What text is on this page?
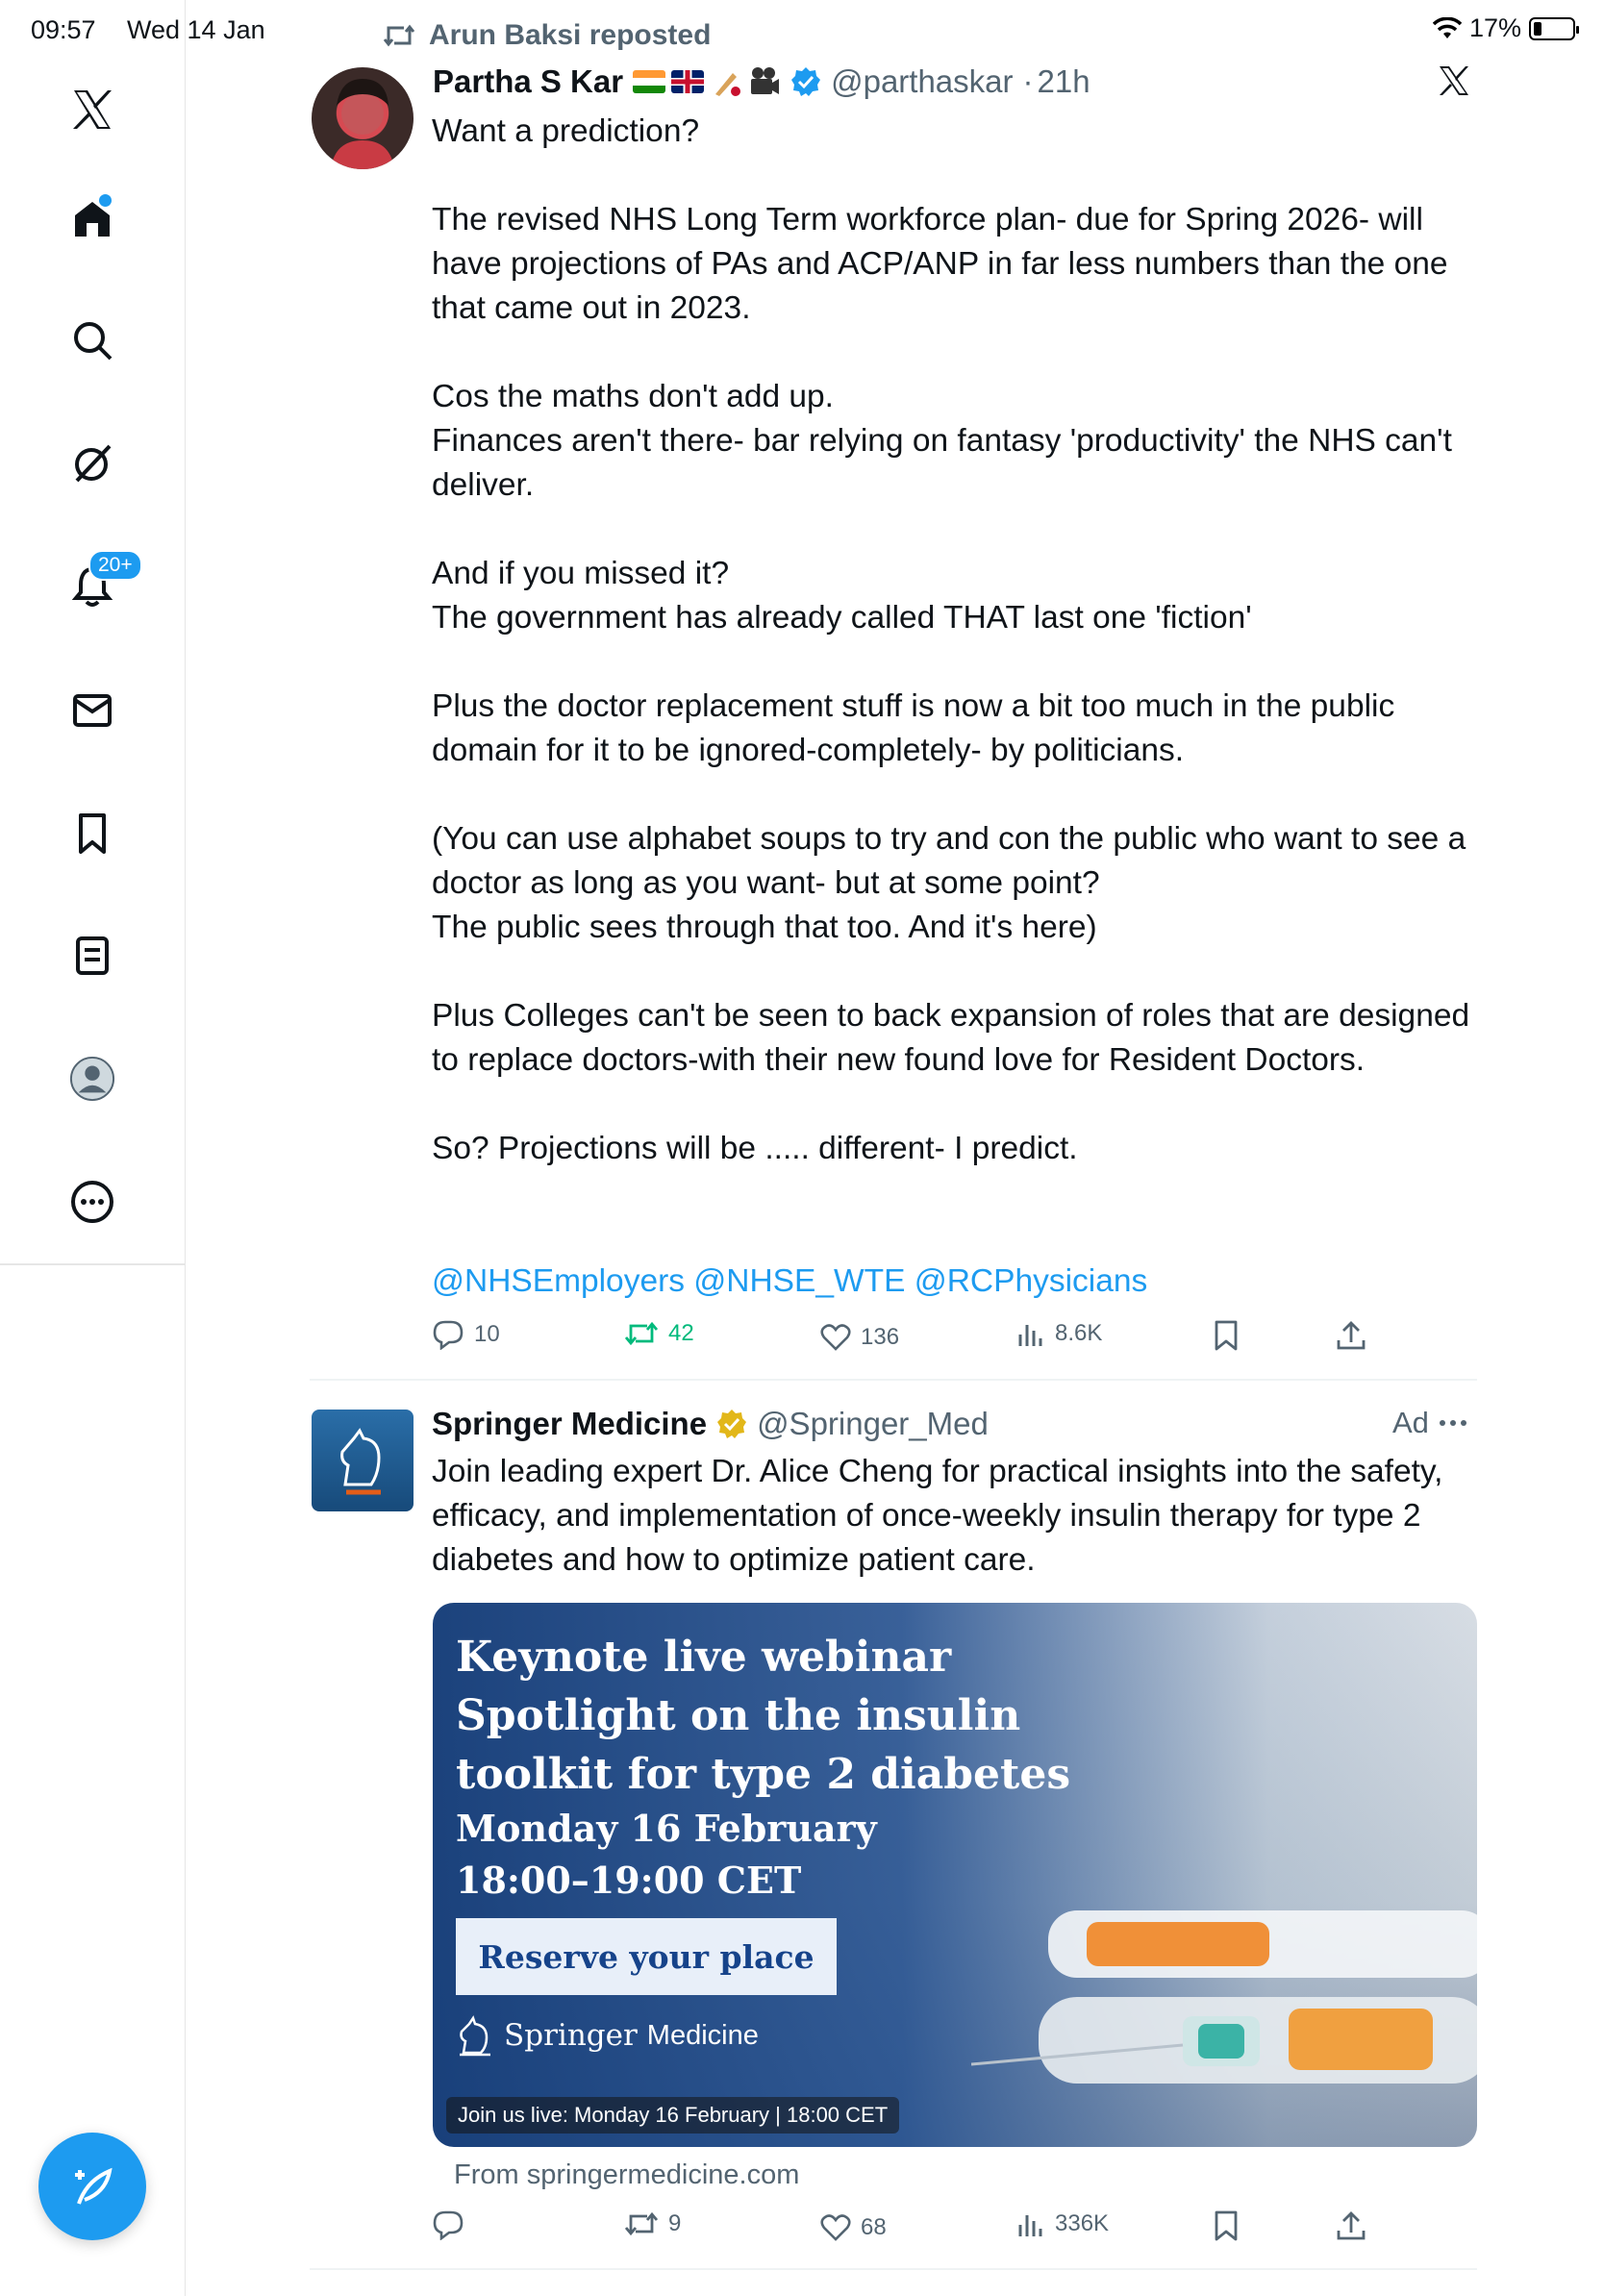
09:57 Wed 14 Jan	17%
20+
Arun Baksi reposted
Partha S Kar	@parthaskar · 21h
Want a prediction?

The revised NHS Long Term workforce plan- due for Spring 2026- will have projections of PAs and ACP/ANP in far less numbers than the one that came out in 2023.

Cos the maths don't add up.
Finances aren't there- bar relying on fantasy 'productivity' the NHS can't deliver.

And if you missed it?
The government has already called THAT last one 'fiction'

Plus the doctor replacement stuff is now a bit too much in the public domain for it to be ignored-completely- by politicians.

(You can use alphabet soups to try and con the public who want to see a doctor as long as you want- but at some point?
The public sees through that too. And it's here)

Plus Colleges can't be seen to back expansion of roles that are designed to replace doctors-with their new found love for Resident Doctors.

So? Projections will be ..... different- I predict.
@NHSEmployers @NHSE_WTE @RCPhysicians
10	42	136	8.6K
Springer Medicine @Springer_Med	Ad
Join leading expert Dr. Alice Cheng for practical insights into the safety, efficacy, and implementation of once-weekly insulin therapy for type 2 diabetes and how to optimize patient care.
Keynote live webinar
Spotlight on the insulin
toolkit for type 2 diabetes
Monday 16 February
18:00–19:00 CET
Reserve your place
Springer Medicine
Join us live: Monday 16 February | 18:00 CET
From springermedicine.com
9	68	336K
